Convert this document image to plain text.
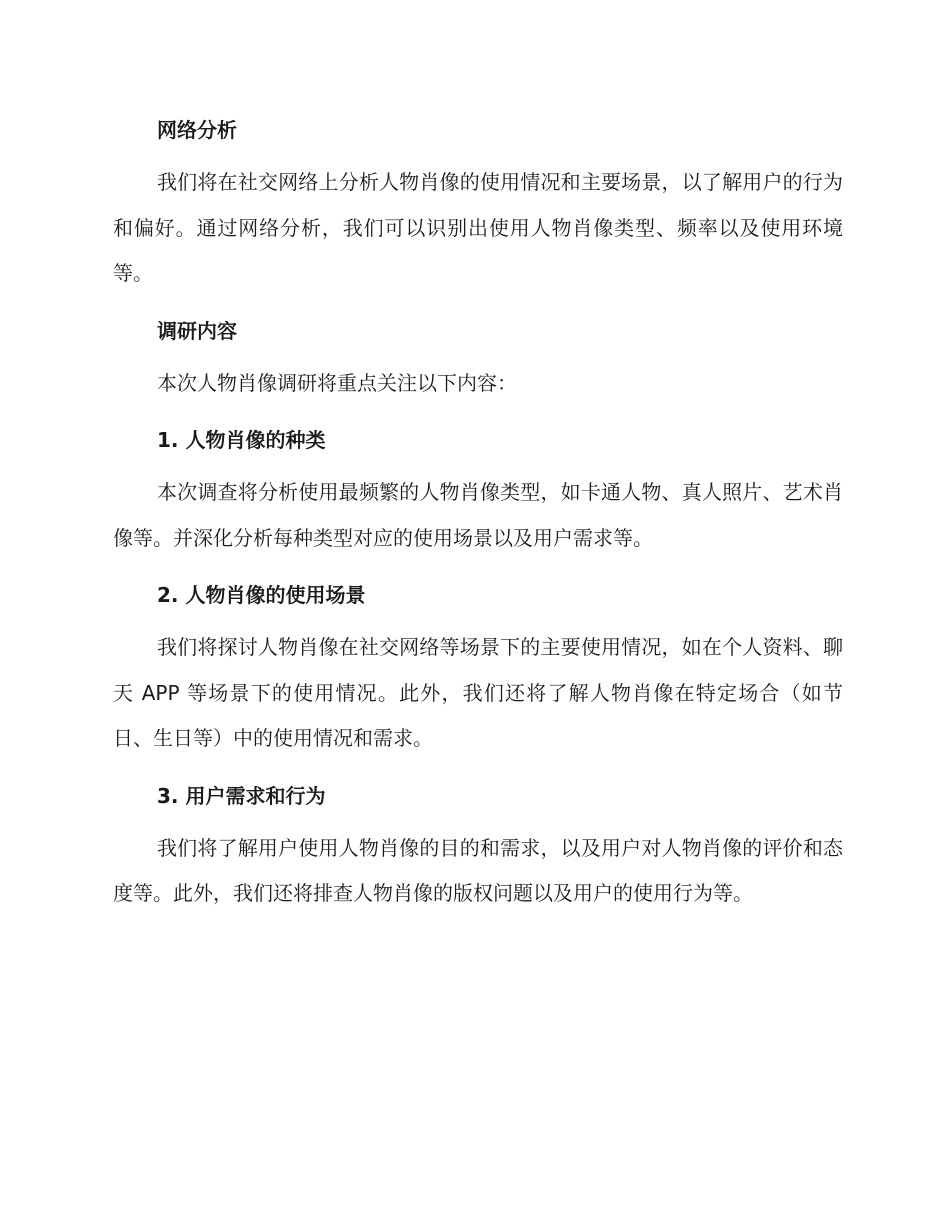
网络分析

我们将在社交网络上分析人物肖像的使用情况和主要场景，以了解用户的行为和偏好。通过网络分析，我们可以识别出使用人物肖像类型、频率以及使用环境等。

调研内容

本次人物肖像调研将重点关注以下内容：

1. 人物肖像的种类

本次调查将分析使用最频繁的人物肖像类型，如卡通人物、真人照片、艺术肖像等。并深化分析每种类型对应的使用场景以及用户需求等。

2. 人物肖像的使用场景

我们将探讨人物肖像在社交网络等场景下的主要使用情况，如在个人资料、聊天 APP 等场景下的使用情况。此外，我们还将了解人物肖像在特定场合（如节日、生日等）中的使用情况和需求。

3. 用户需求和行为

我们将了解用户使用人物肖像的目的和需求，以及用户对人物肖像的评价和态度等。此外，我们还将排查人物肖像的版权问题以及用户的使用行为等。
